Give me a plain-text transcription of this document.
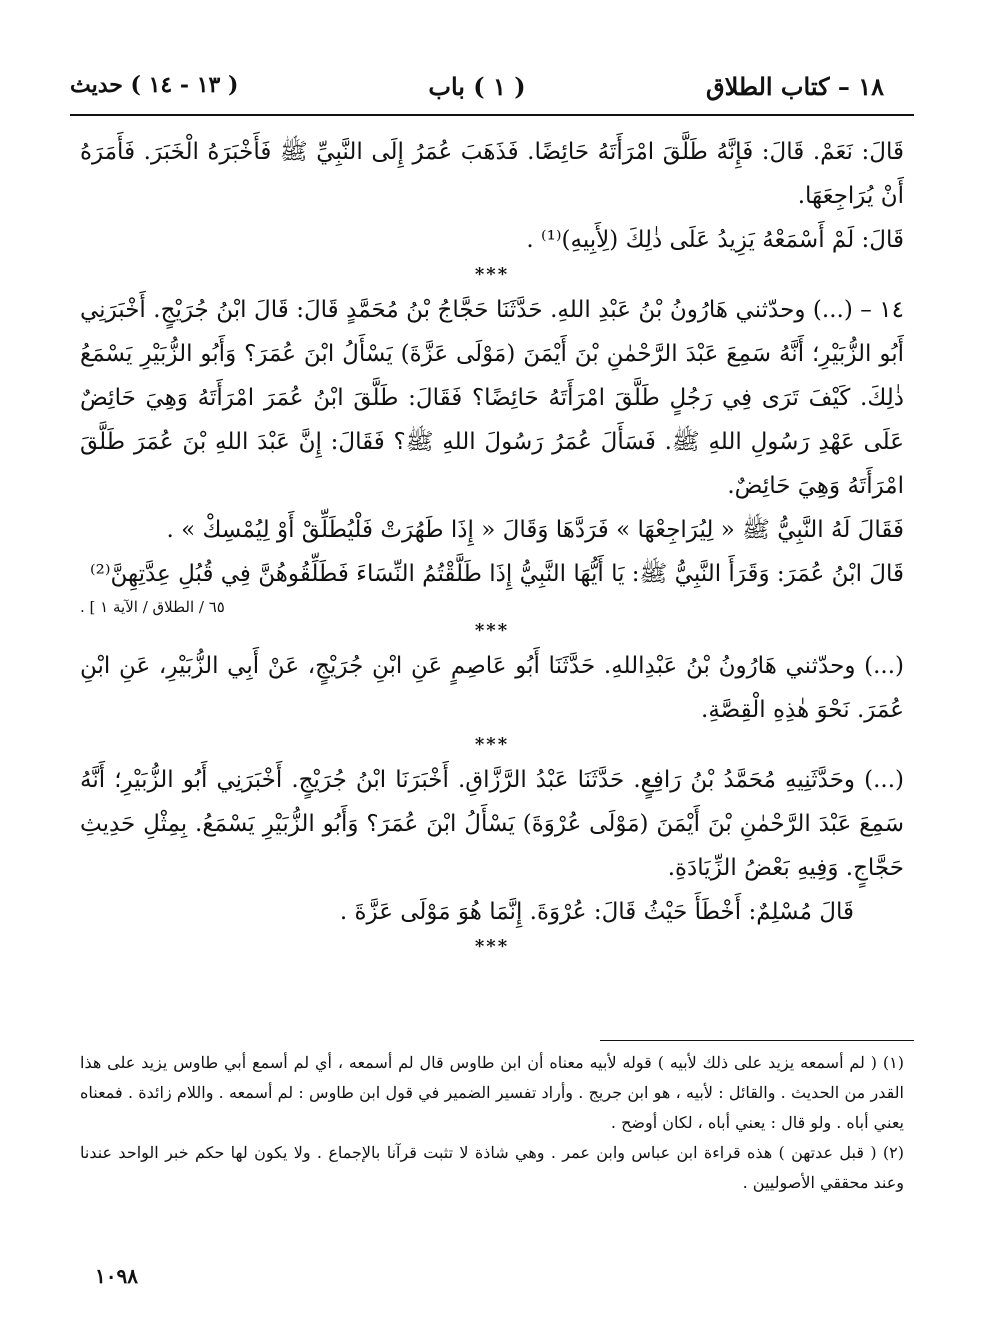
١٨ – كتاب الطلاق
( ١ ) باب
( ١٣ - ١٤ ) حديث

قَالَ: نَعَمْ. قَالَ: فَإِنَّهُ طَلَّقَ امْرَأَتَهُ حَائِضًا. فَذَهَبَ عُمَرُ إِلَى النَّبِيِّ ﷺ فَأَخْبَرَهُ الْخَبَرَ. فَأَمَرَهُ أَنْ يُرَاجِعَهَا.

قَالَ: لَمْ أَسْمَعْهُ يَزِيدُ عَلَى ذٰلِكَ (لِأَبِيهِ)⁽¹⁾ .

***

١٤ – (...) وحدّثني هَارُونُ بْنُ عَبْدِ اللهِ. حَدَّثَنَا حَجَّاجُ بْنُ مُحَمَّدٍ قَالَ: قَالَ ابْنُ جُرَيْجٍ. أَخْبَرَنِي أَبُو الزُّبَيْرِ؛ أَنَّهُ سَمِعَ عَبْدَ الرَّحْمٰنِ بْنَ أَيْمَنَ (مَوْلَى عَزَّةَ) يَسْأَلُ ابْنَ عُمَرَ؟ وَأَبُو الزُّبَيْرِ يَسْمَعُ ذٰلِكَ. كَيْفَ تَرَى فِي رَجُلٍ طَلَّقَ امْرَأَتَهُ حَائِضًا؟ فَقَالَ: طَلَّقَ ابْنُ عُمَرَ امْرَأَتَهُ وَهِيَ حَائِضٌ عَلَى عَهْدِ رَسُولِ اللهِ ﷺ. فَسَأَلَ عُمَرُ رَسُولَ اللهِ ﷺ؟ فَقَالَ: إِنَّ عَبْدَ اللهِ بْنَ عُمَرَ طَلَّقَ امْرَأَتَهُ وَهِيَ حَائِضٌ.

فَقَالَ لَهُ النَّبِيُّ ﷺ « لِيُرَاجِعْهَا » فَرَدَّهَا وَقَالَ « إِذَا طَهُرَتْ فَلْيُطَلِّقْ أَوْ لِيُمْسِكْ » .

قَالَ ابْنُ عُمَرَ: وَقَرَأَ النَّبِيُّ ﷺ: يَا أَيُّهَا النَّبِيُّ إِذَا طَلَّقْتُمُ النِّسَاءَ فَطَلِّقُوهُنَّ فِي قُبُلِ عِدَّتِهِنَّ⁽²⁾

٦٥ / الطلاق / الآية ١ ] .
***

(...) وحدّثني هَارُونُ بْنُ عَبْدِاللهِ. حَدَّثَنَا أَبُو عَاصِمٍ عَنِ ابْنِ جُرَيْجٍ، عَنْ أَبِي الزُّبَيْرِ، عَنِ ابْنِ عُمَرَ. نَحْوَ هٰذِهِ الْقِصَّةِ.

***

(...) وحَدَّثَنِيهِ مُحَمَّدُ بْنُ رَافِعٍ. حَدَّثَنَا عَبْدُ الرَّزَّاقِ. أَخْبَرَنَا ابْنُ جُرَيْجٍ. أَخْبَرَنِي أَبُو الزُّبَيْرِ؛ أَنَّهُ سَمِعَ عَبْدَ الرَّحْمٰنِ بْنَ أَيْمَنَ (مَوْلَى عُرْوَةَ) يَسْأَلُ ابْنَ عُمَرَ؟ وَأَبُو الزُّبَيْرِ يَسْمَعُ. بِمِثْلِ حَدِيثِ حَجَّاجٍ. وَفِيهِ بَعْضُ الزِّيَادَةِ.

قَالَ مُسْلِمٌ: أَخْطَأَ حَيْثُ قَالَ: عُرْوَةَ. إِنَّمَا هُوَ مَوْلَى عَزَّةَ .

***

(١) ( لم أسمعه يزيد على ذلك لأبيه ) قوله لأبيه معناه أن ابن طاوس قال لم أسمعه ، أي لم أسمع أبي طاوس يزيد على هذا القدر من الحديث . والقائل : لأبيه ، هو ابن جريج . وأراد تفسير الضمير في قول ابن طاوس : لم أسمعه . واللام زائدة . فمعناه يعني أباه . ولو قال : يعني أباه ، لكان أوضح .

(٢) ( قبل عدتهن ) هذه قراءة ابن عباس وابن عمر . وهي شاذة لا تثبت قرآنا بالإجماع . ولا يكون لها حكم خبر الواحد عندنا وعند محققي الأصوليين .

١٠٩٨
